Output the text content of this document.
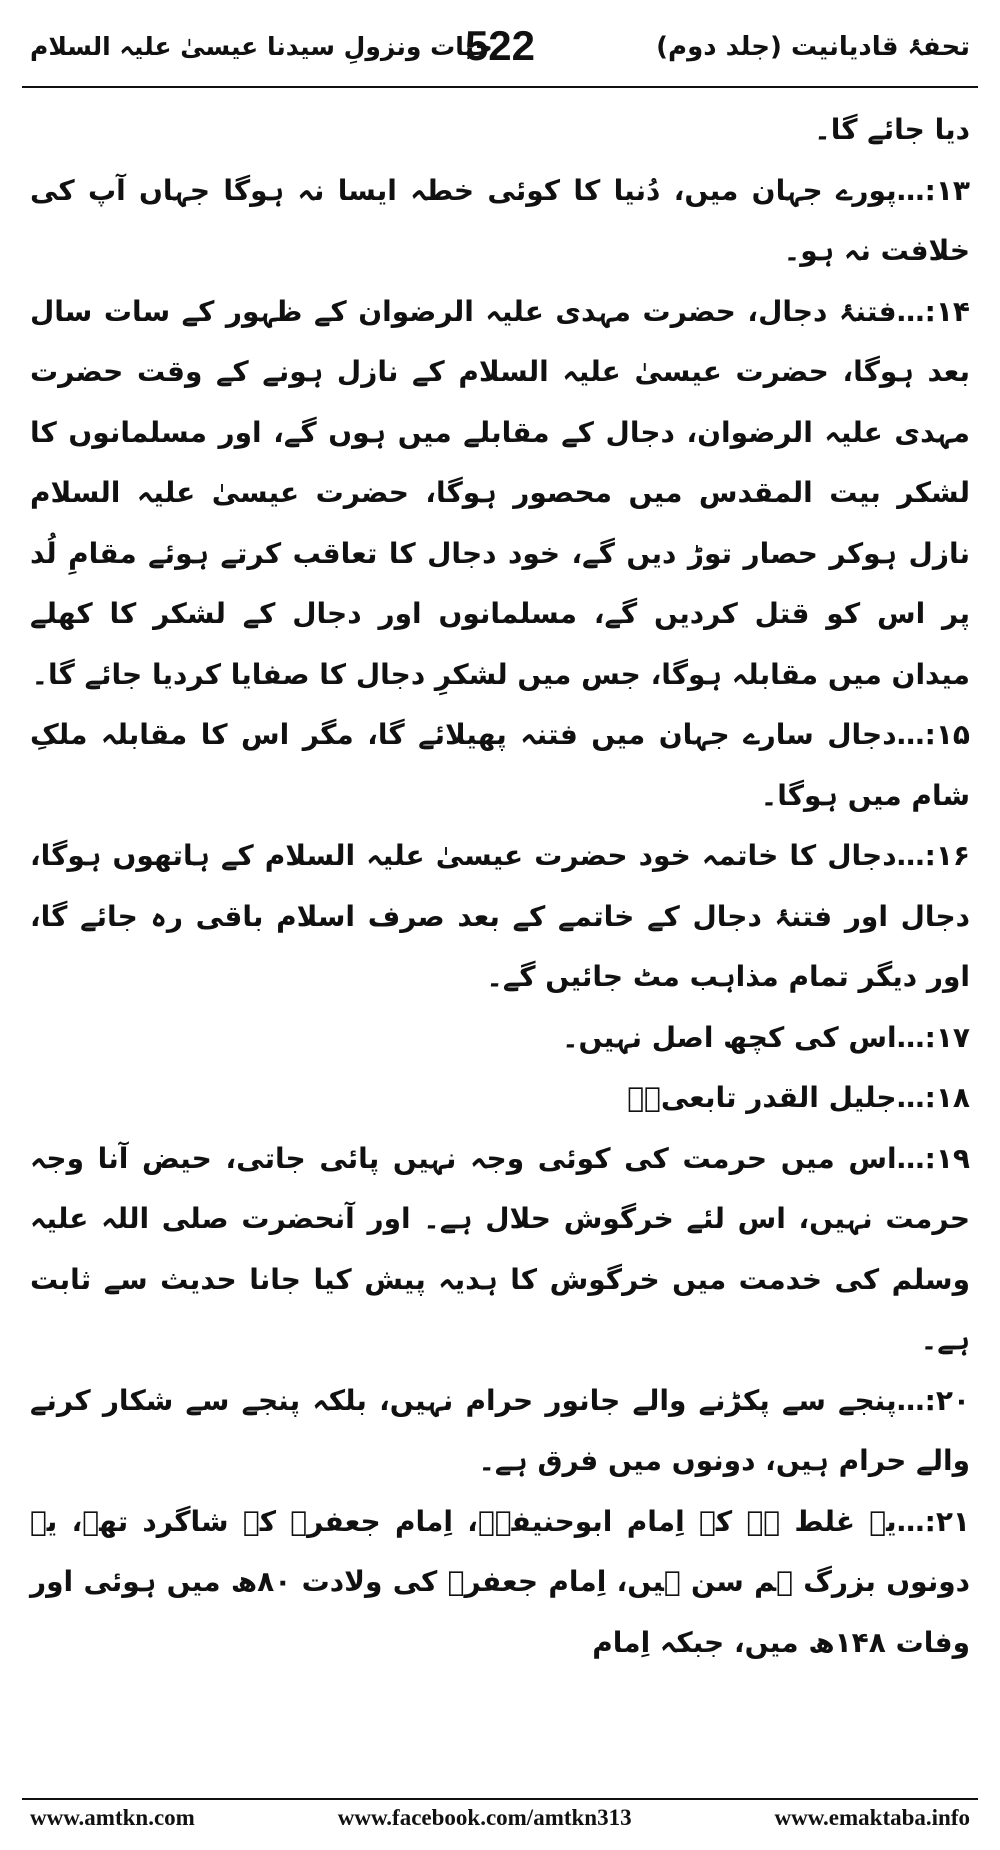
تحفۂ قادیانیت (جلد دوم)
522
حیات ونزولِ سیدنا عیسیٰ علیہ السلام

دیا جائے گا۔

۱۳:…پورے جہان میں، دُنیا کا کوئی خطہ ایسا نہ ہوگا جہاں آپ کی خلافت نہ ہو۔

۱۴:…فتنۂ دجال، حضرت مہدی علیہ الرضوان کے ظہور کے سات سال بعد ہوگا، حضرت عیسیٰ علیہ السلام کے نازل ہونے کے وقت حضرت مہدی علیہ الرضوان، دجال کے مقابلے میں ہوں گے، اور مسلمانوں کا لشکر بیت المقدس میں محصور ہوگا، حضرت عیسیٰ علیہ السلام نازل ہوکر حصار توڑ دیں گے، خود دجال کا تعاقب کرتے ہوئے مقامِ لُد پر اس کو قتل کردیں گے، مسلمانوں اور دجال کے لشکر کا کھلے میدان میں مقابلہ ہوگا، جس میں لشکرِ دجال کا صفایا کردیا جائے گا۔

۱۵:…دجال سارے جہان میں فتنہ پھیلائے گا، مگر اس کا مقابلہ ملکِ شام میں ہوگا۔

۱۶:…دجال کا خاتمہ خود حضرت عیسیٰ علیہ السلام کے ہاتھوں ہوگا، دجال اور فتنۂ دجال کے خاتمے کے بعد صرف اسلام باقی رہ جائے گا، اور دیگر تمام مذاہب مٹ جائیں گے۔

۱۷:…اس کی کچھ اصل نہیں۔

۱۸:…جلیل القدر تابعیؒ۔

۱۹:…اس میں حرمت کی کوئی وجہ نہیں پائی جاتی، حیض آنا وجہ حرمت نہیں، اس لئے خرگوش حلال ہے۔ اور آنحضرت صلی اللہ علیہ وسلم کی خدمت میں خرگوش کا ہدیہ پیش کیا جانا حدیث سے ثابت ہے۔

۲۰:…پنجے سے پکڑنے والے جانور حرام نہیں، بلکہ پنجے سے شکار کرنے والے حرام ہیں، دونوں میں فرق ہے۔

۲۱:…یہ غلط ہے کہ اِمام ابوحنیفہؒ، اِمام جعفرؒ کے شاگرد تھے، یہ دونوں بزرگ ہم سن ہیں، اِمام جعفرؒ کی ولادت ۸۰ھ میں ہوئی اور وفات ۱۴۸ھ میں، جبکہ اِمام

www.amtkn.com	www.facebook.com/amtkn313	www.emaktaba.info
